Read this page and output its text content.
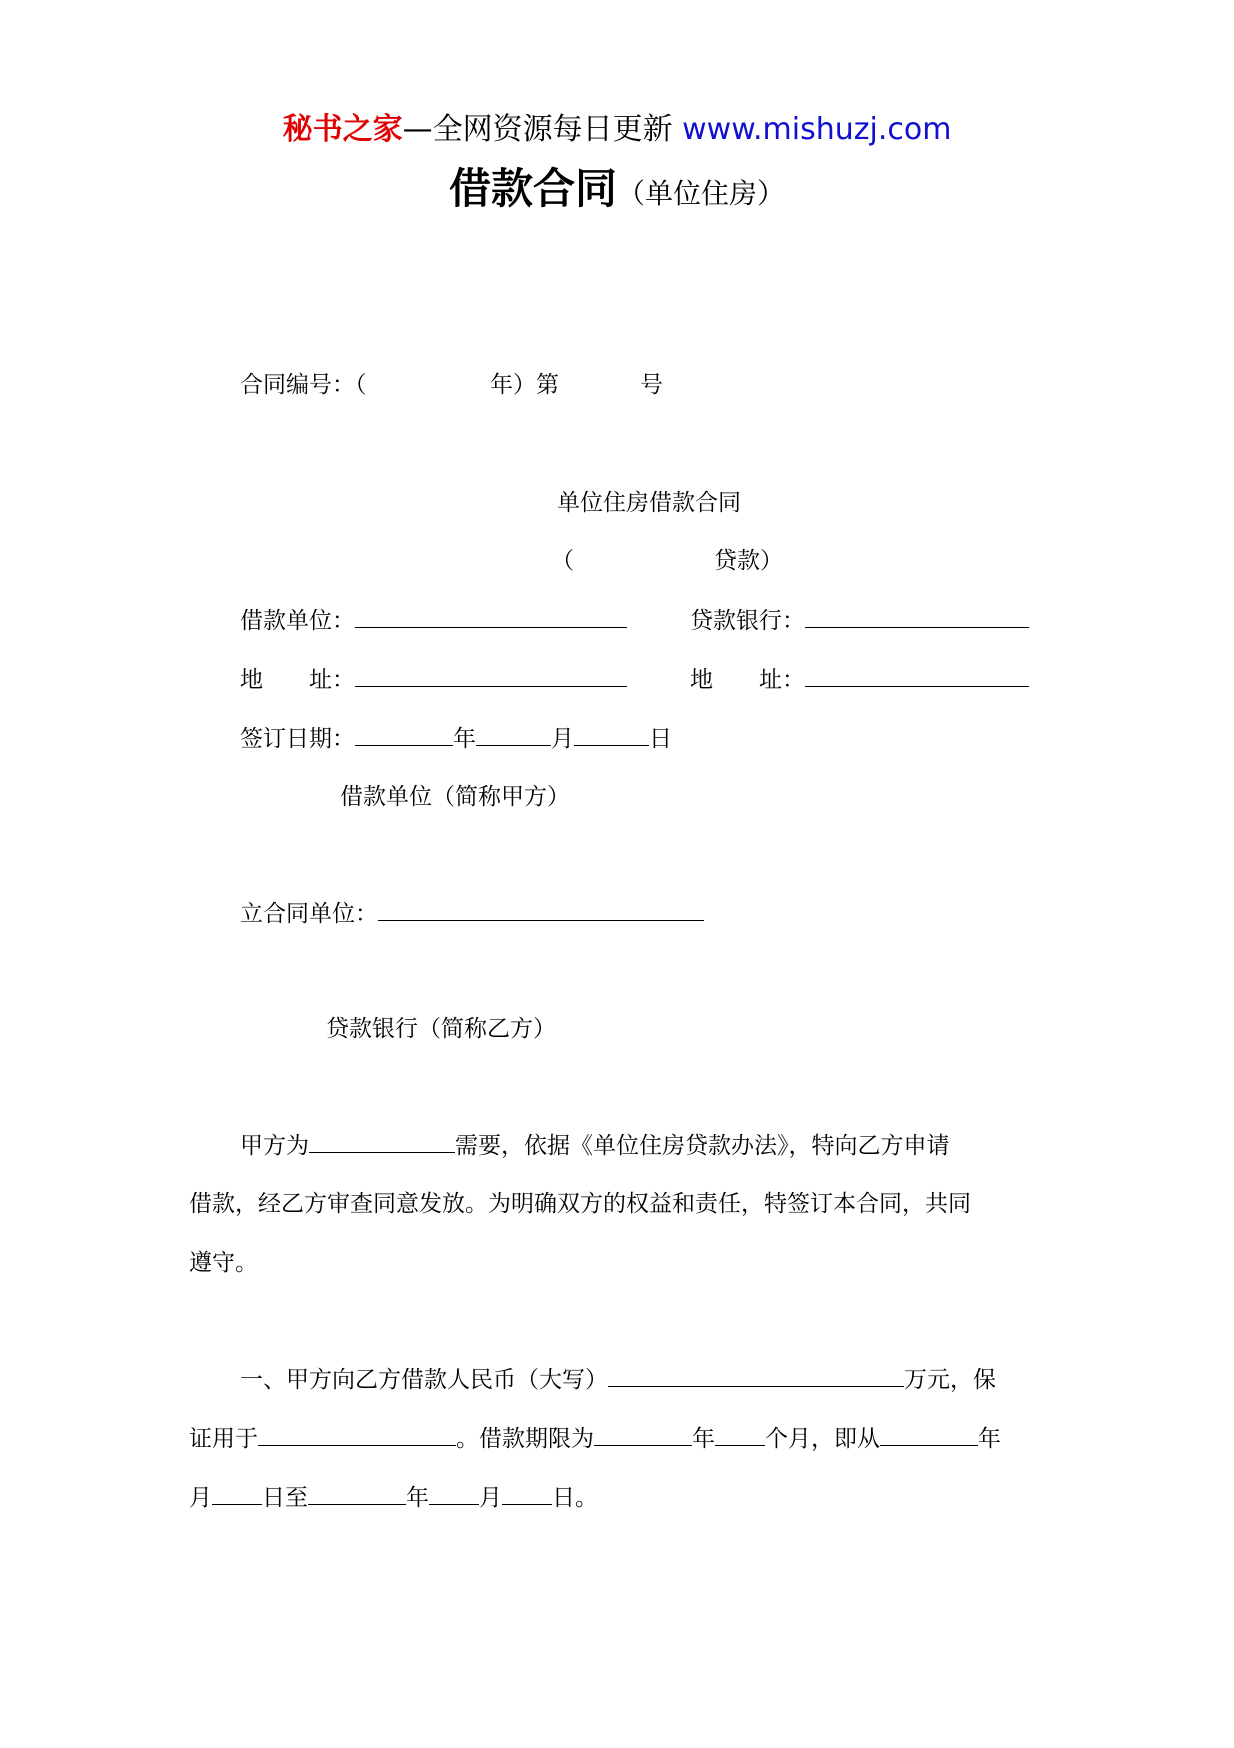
秘书之家—全网资源每日更新 www.mishuzj.com
借款合同（单位住房）
合同编号：（	年）第	号
单位住房借款合同
（	贷款）
借款单位：	贷款银行：
地　　址：	地　　址：
签订日期：	年	月	日
借款单位（简称甲方）
立合同单位：
贷款银行（简称乙方）
甲方为	需要，依据《单位住房贷款办法》，特向乙方申请
借款，经乙方审查同意发放。为明确双方的权益和责任，特签订本合同，共同
遵守。
一、甲方向乙方借款人民币（大写）	万元，保
证用于	。借款期限为	年 个月，即从	年
月 日至	年 月 日。
